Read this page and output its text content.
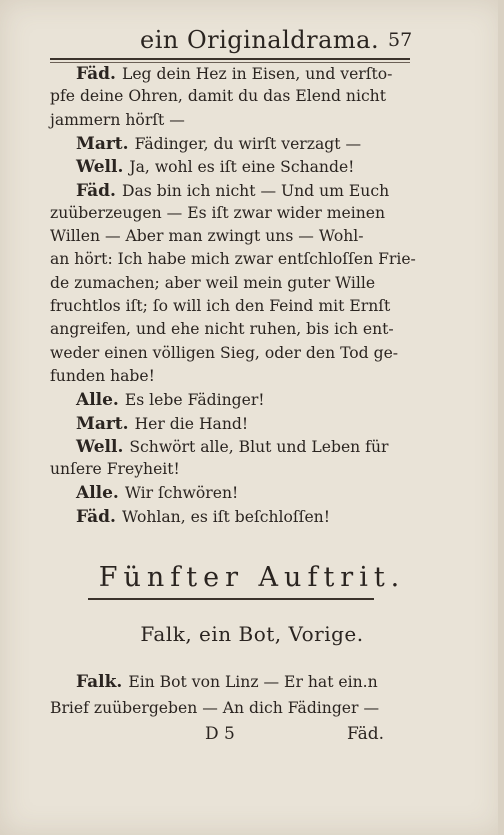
ein Originaldrama. 57
Fäd. Leg dein Hez in Eisen, und verſto-
pfe deine Ohren, damit du das Elend nicht
jammern hörſt —
Mart. Fädinger, du wirſt verzagt —
Well. Ja, wohl es iſt eine Schande!
Fäd. Das bin ich nicht — Und um Euch
zuüberzeugen — Es iſt zwar wider meinen
Willen — Aber man zwingt uns — Wohl-
an hört: Ich habe mich zwar entſchloſſen Frie-
de zumachen; aber weil mein guter Wille
fruchtlos iſt; ſo will ich den Feind mit Ernſt
angreifen, und ehe nicht ruhen, bis ich ent-
weder einen völligen Sieg, oder den Tod ge-
funden habe!
Alle. Es lebe Fädinger!
Mart. Her die Hand!
Well. Schwört alle, Blut und Leben für
unſere Freyheit!
Alle. Wir ſchwören!
Fäd. Wohlan, es iſt beſchloſſen!
Fünfter Auftrit.
Falk, ein Bot, Vorige.
Falk. Ein Bot von Linz — Er hat ein.n
Brief zuübergeben — An dich Fädinger —
D 5	Fäd.
